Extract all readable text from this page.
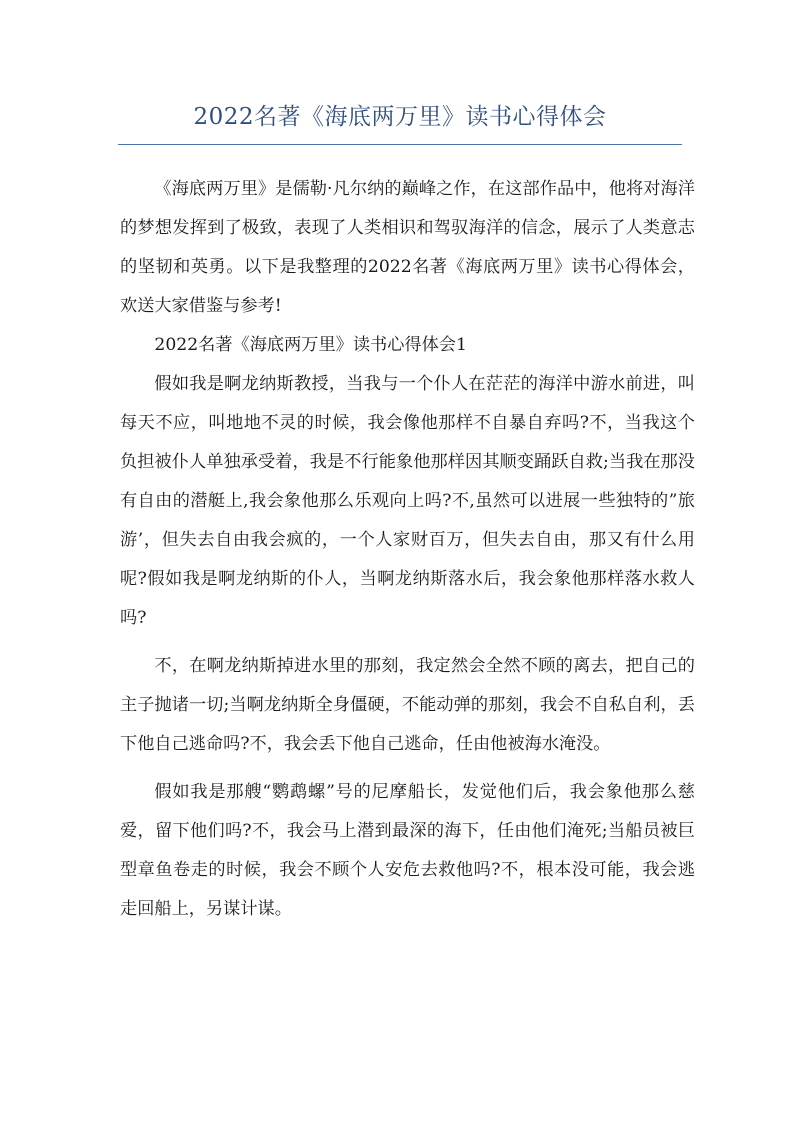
2022名著《海底两万里》读书心得体会

《海底两万里》是儒勒·凡尔纳的巅峰之作，在这部作品中，他将对海洋的梦想发挥到了极致，表现了人类相识和驾驭海洋的信念，展示了人类意志的坚韧和英勇。以下是我整理的2022名著《海底两万里》读书心得体会，欢送大家借鉴与参考!

2022名著《海底两万里》读书心得体会1

假如我是啊龙纳斯教授，当我与一个仆人在茫茫的海洋中游水前进，叫每天不应，叫地地不灵的时候，我会像他那样不自暴自弃吗?不，当我这个负担被仆人单独承受着，我是不行能象他那样因其顺变踊跃自救;当我在那没有自由的潜艇上,我会象他那么乐观向上吗?不,虽然可以进展一些独特的”旅游’，但失去自由我会疯的，一个人家财百万，但失去自由，那又有什么用呢?假如我是啊龙纳斯的仆人，当啊龙纳斯落水后，我会象他那样落水救人吗?

不，在啊龙纳斯掉进水里的那刻，我定然会全然不顾的离去，把自己的主子抛诸一切;当啊龙纳斯全身僵硬，不能动弹的那刻，我会不自私自利，丢下他自己逃命吗?不，我会丢下他自己逃命，任由他被海水淹没。

假如我是那艘“鹦鹉螺”号的尼摩船长，发觉他们后，我会象他那么慈爱，留下他们吗?不，我会马上潜到最深的海下，任由他们淹死;当船员被巨型章鱼卷走的时候，我会不顾个人安危去救他吗?不，根本没可能，我会逃走回船上，另谋计谋。
